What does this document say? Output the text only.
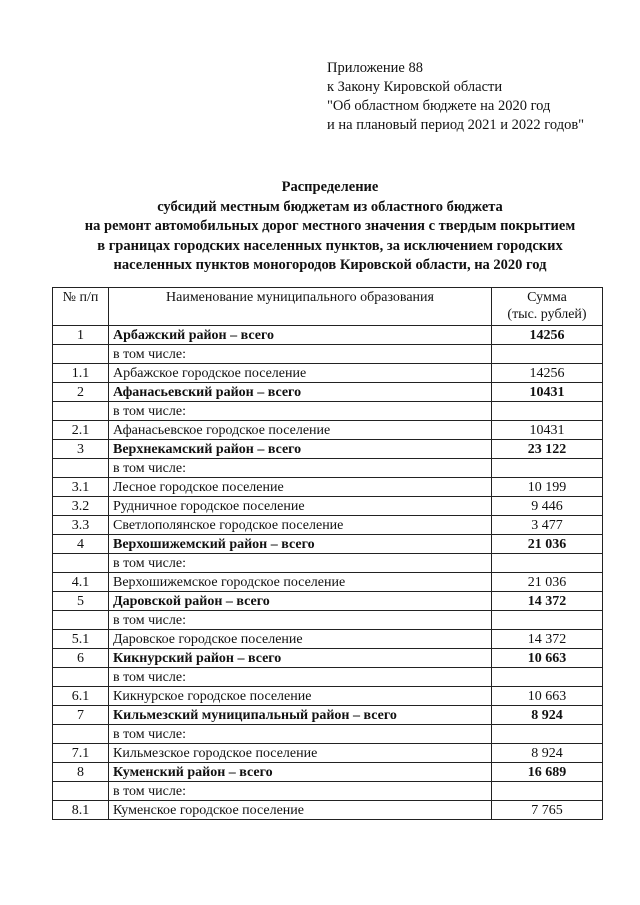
Приложение 88
к Закону Кировской области
"Об областном бюджете на 2020 год
и на плановый период 2021 и 2022 годов"
Распределение
субсидий местным бюджетам из областного бюджета
на ремонт автомобильных дорог местного значения с твердым покрытием
в границах городских населенных пунктов, за исключением городских
населенных пунктов моногородов Кировской области, на 2020 год
№ п/п	Наименование муниципального образования	Сумма
(тыс. рублей)

1	Арбажский район – всего	14256
	в том числе:	
1.1	Арбажское городское поселение	14256
2	Афанасьевский район – всего	10431
	в том числе:	
2.1	Афанасьевское городское поселение	10431
3	Верхнекамский район – всего	23 122
	в том числе:	
3.1	Лесное городское поселение	10 199
3.2	Рудничное городское поселение	9 446
3.3	Светлополянское городское поселение	3 477
4	Верхошижемский район – всего	21 036
	в том числе:	
4.1	Верхошижемское городское поселение	21 036
5	Даровской район – всего	14 372
	в том числе:	
5.1	Даровское городское поселение	14 372
6	Кикнурский район – всего	10 663
	в том числе:	
6.1	Кикнурское городское поселение	10 663
7	Кильмезский муниципальный район – всего	8 924
	в том числе:	
7.1	Кильмезское городское поселение	8 924
8	Куменский район – всего	16 689
	в том числе:	
8.1	Куменское городское поселение	7 765
